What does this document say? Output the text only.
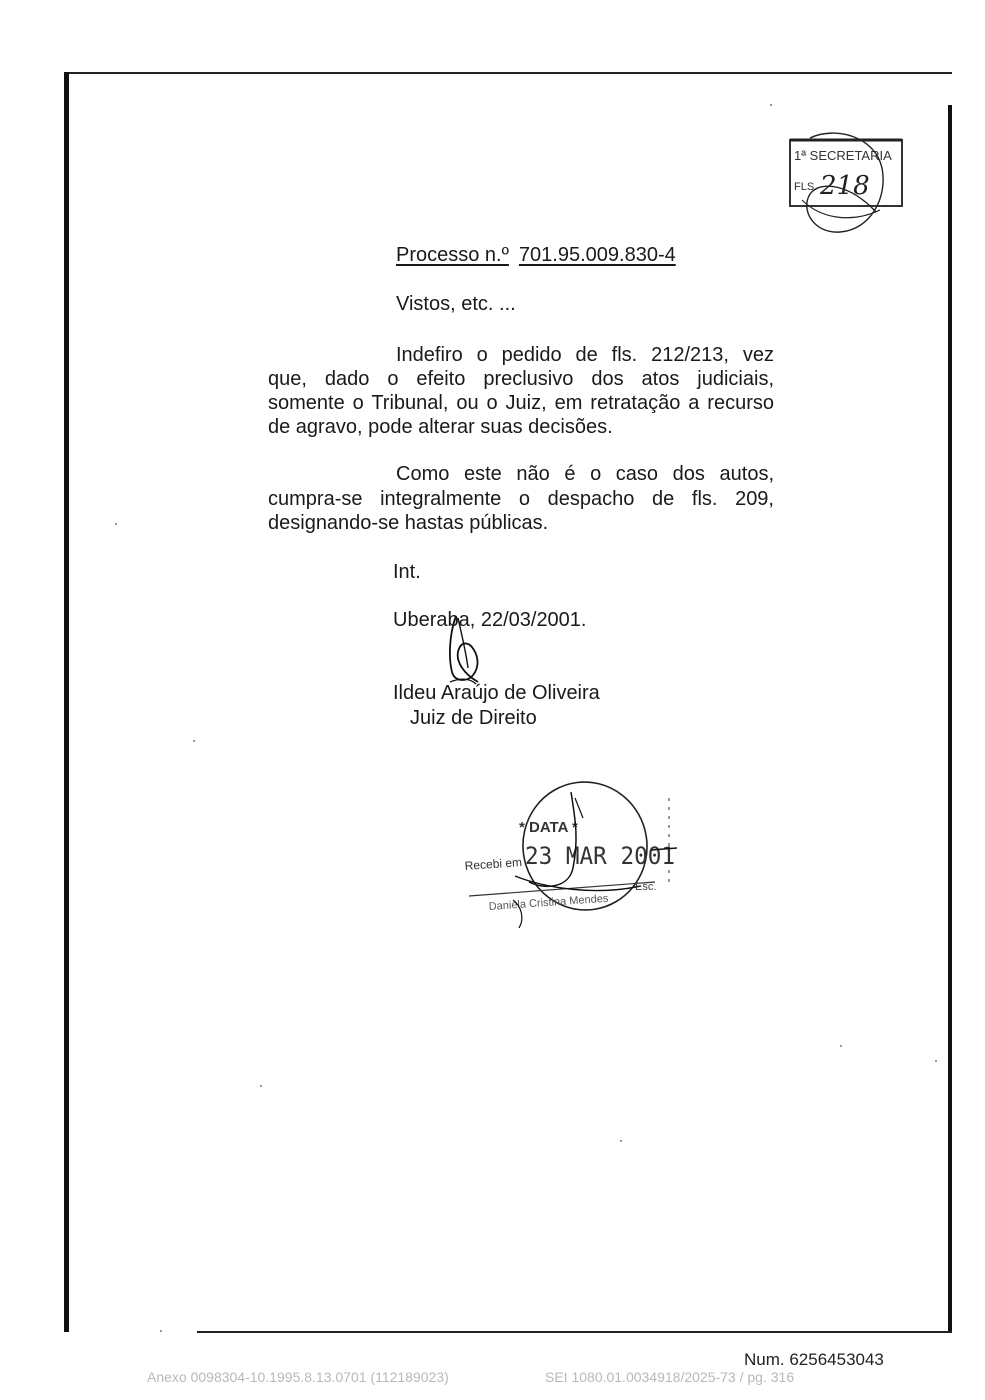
1ª SECRETARIA
FLS. 218
Processo n.º 701.95.009.830-4
Vistos, etc. ...
Indefiro o pedido de fls. 212/213, vez
que, dado o efeito preclusivo dos atos judiciais,
somente o Tribunal, ou o Juiz, em retratação a recurso
de agravo, pode alterar suas decisões.
Como este não é o caso dos autos,
cumpra-se integralmente o despacho de fls. 209,
designando-se hastas públicas.
Int.
Uberaba, 22/03/2001.
Ildeu Araújo de Oliveira
Juiz de Direito
* DATA *
Recebi em 23 MAR 2001
Daniela Cristina Mendes
Esc.
Num. 6256453043
Anexo 0098304-10.1995.8.13.0701 (112189023)	SEI 1080.01.0034918/2025-73 / pg. 316
